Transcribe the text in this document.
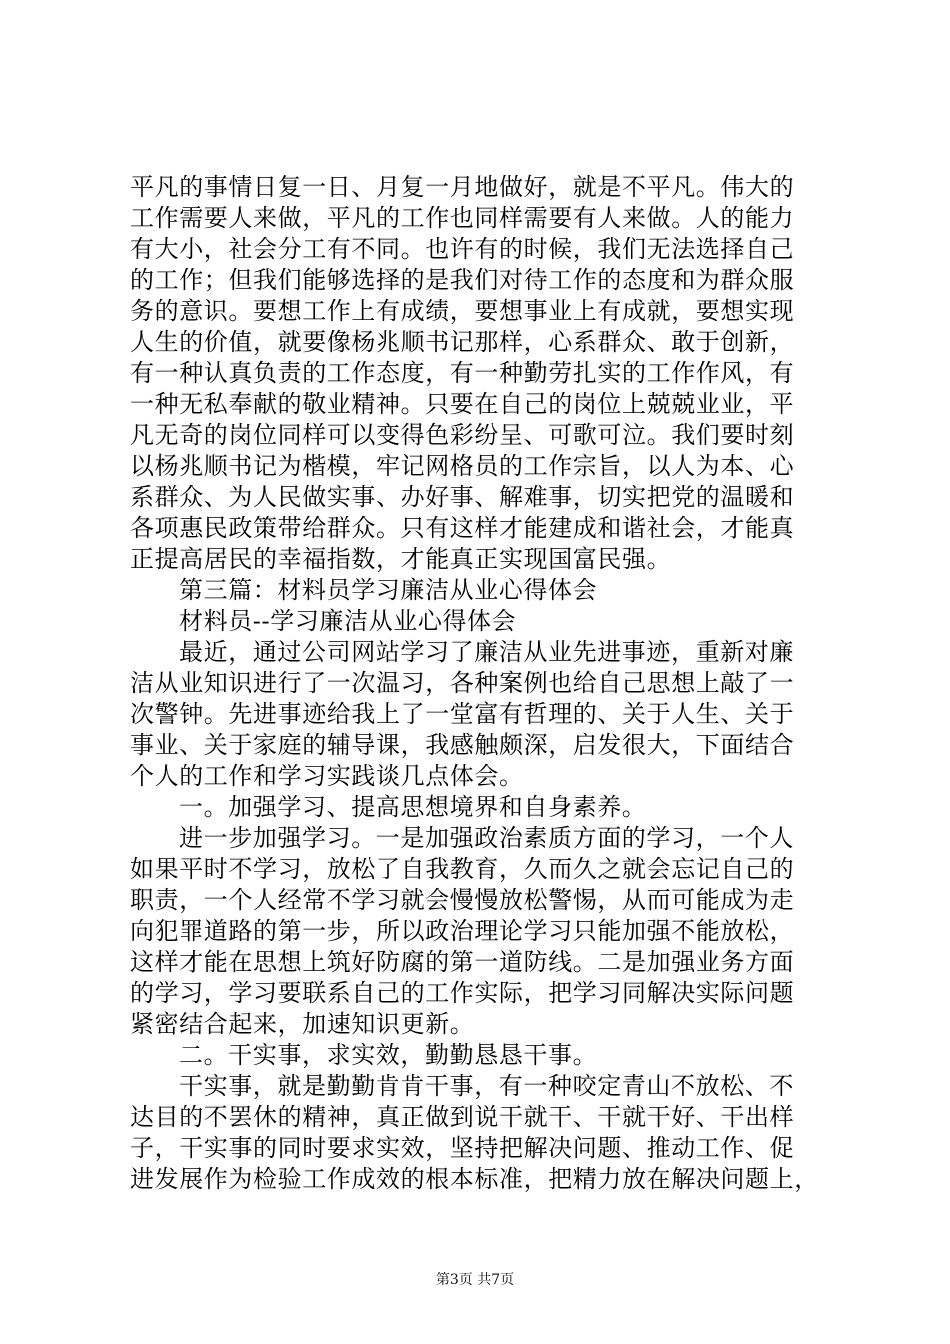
平凡的事情日复一日、月复一月地做好，就是不平凡。伟大的
工作需要人来做，平凡的工作也同样需要有人来做。人的能力
有大小，社会分工有不同。也许有的时候，我们无法选择自己
的工作；但我们能够选择的是我们对待工作的态度和为群众服
务的意识。要想工作上有成绩，要想事业上有成就，要想实现
人生的价值，就要像杨兆顺书记那样，心系群众、敢于创新，
有一种认真负责的工作态度，有一种勤劳扎实的工作作风，有
一种无私奉献的敬业精神。只要在自己的岗位上兢兢业业，平
凡无奇的岗位同样可以变得色彩纷呈、可歌可泣。我们要时刻
以杨兆顺书记为楷模，牢记网格员的工作宗旨，以人为本、心
系群众、为人民做实事、办好事、解难事，切实把党的温暖和
各项惠民政策带给群众。只有这样才能建成和谐社会，才能真
正提高居民的幸福指数，才能真正实现国富民强。
第三篇：材料员学习廉洁从业心得体会
材料员--学习廉洁从业心得体会
最近，通过公司网站学习了廉洁从业先进事迹，重新对廉
洁从业知识进行了一次温习，各种案例也给自己思想上敲了一
次警钟。先进事迹给我上了一堂富有哲理的、关于人生、关于
事业、关于家庭的辅导课，我感触颇深，启发很大，下面结合
个人的工作和学习实践谈几点体会。
一。加强学习、提高思想境界和自身素养。
进一步加强学习。一是加强政治素质方面的学习，一个人
如果平时不学习，放松了自我教育，久而久之就会忘记自己的
职责，一个人经常不学习就会慢慢放松警惕，从而可能成为走
向犯罪道路的第一步，所以政治理论学习只能加强不能放松，
这样才能在思想上筑好防腐的第一道防线。二是加强业务方面
的学习，学习要联系自己的工作实际，把学习同解决实际问题
紧密结合起来，加速知识更新。
二。干实事，求实效，勤勤恳恳干事。
干实事，就是勤勤肯肯干事，有一种咬定青山不放松、不
达目的不罢休的精神，真正做到说干就干、干就干好、干出样
子，干实事的同时要求实效，坚持把解决问题、推动工作、促
进发展作为检验工作成效的根本标准，把精力放在解决问题上，
第3页 共7页
